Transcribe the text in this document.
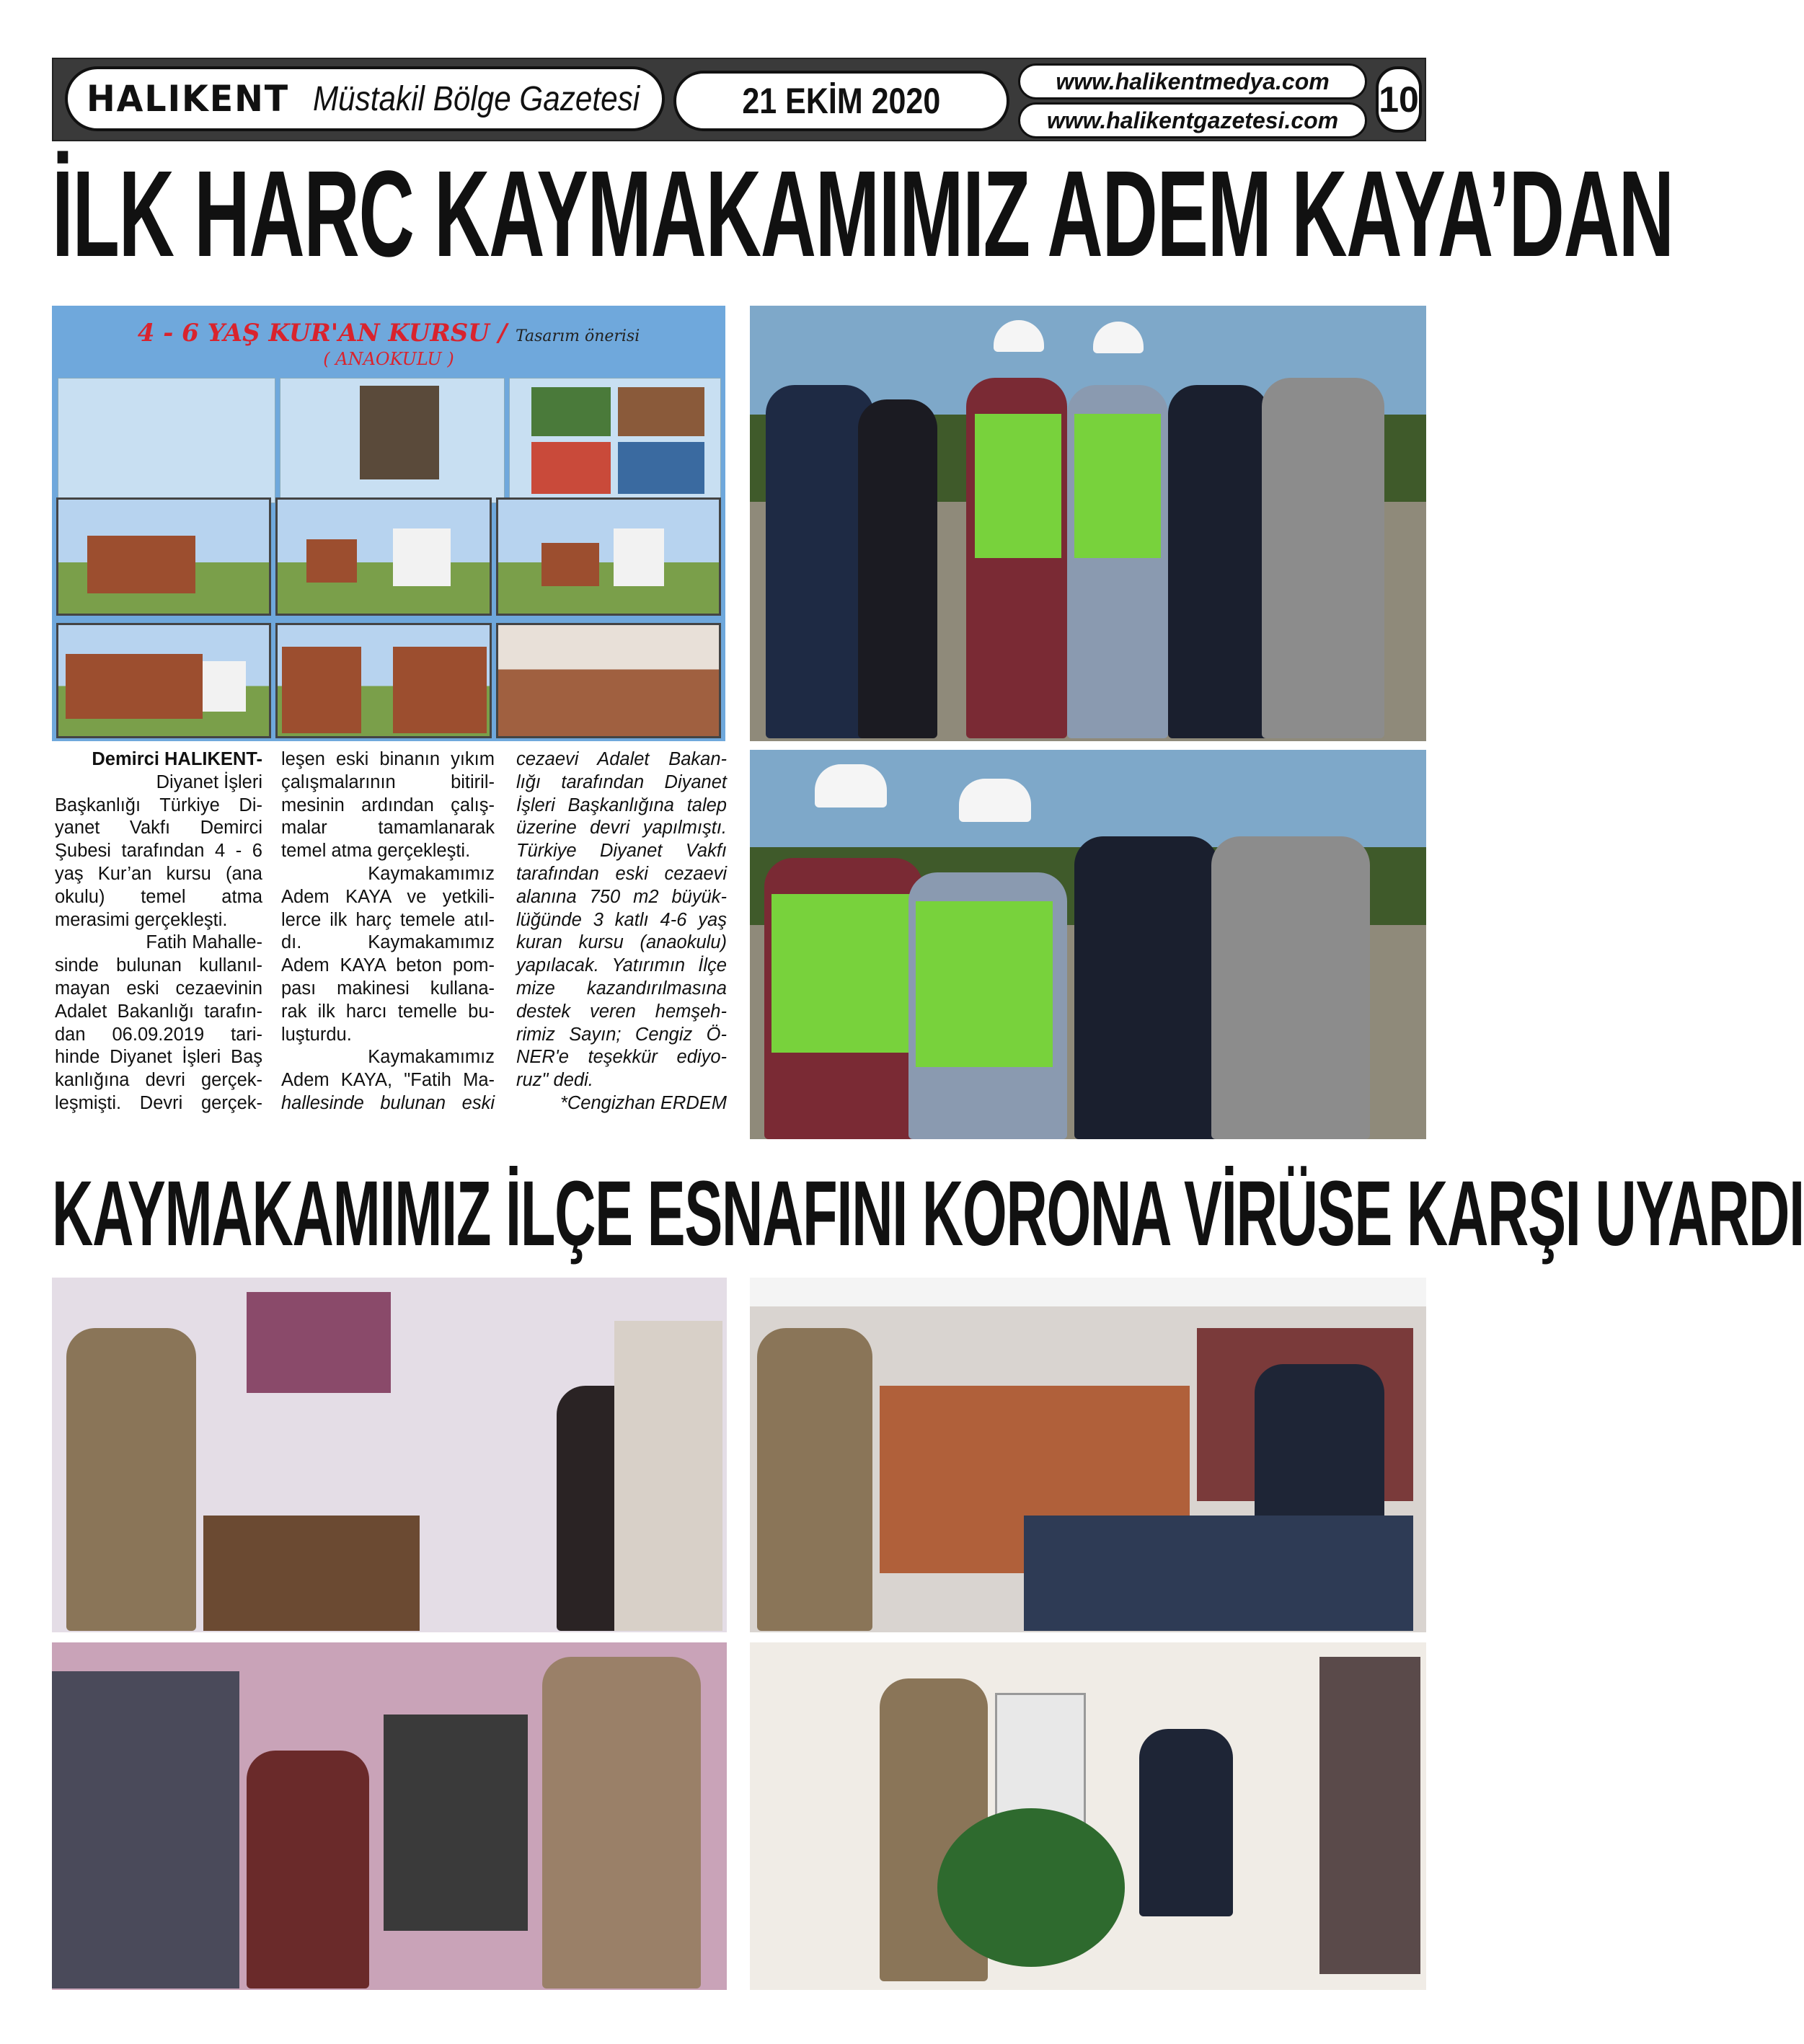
HALIKENT Müstakil Bölge Gazetesi	21 EKİM 2020	www.halikentmedya.com
www.halikentgazetesi.com
10
İLK HARC KAYMAKAMIMIZ ADEM KAYA’DAN
4 - 6 YAŞ KUR'AN KURSU / Tasarım önerisi
( ANAOKULU )
Demirci HALIKENT-
Diyanet İşleri
Başkanlığı Türkiye Di-
yanet Vakfı Demirci
Şubesi tarafından 4 - 6
yaş Kur’an kursu (ana
okulu) temel atma
merasimi gerçekleşti.
Fatih Mahalle-
sinde bulunan kullanıl-
mayan eski cezaevinin
Adalet Bakanlığı tarafın-
dan 06.09.2019 tari-
hinde Diyanet İşleri Baş
kanlığına devri gerçek-
leşmişti. Devri gerçek-
leşen eski binanın yıkım
çalışmalarının bitiril-
mesinin ardından çalış-
malar tamamlanarak
temel atma gerçekleşti.
Kaymakamımız
Adem KAYA ve yetkili-
lerce ilk harç temele atıl-
dı. Kaymakamımız
Adem KAYA beton pom-
pası makinesi kullana-
rak ilk harcı temelle bu-
luşturdu.
Kaymakamımız
Adem KAYA, "Fatih Ma-
hallesinde bulunan eski
cezaevi Adalet Bakan-
lığı tarafından Diyanet
İşleri Başkanlığına talep
üzerine devri yapılmıştı.
Türkiye Diyanet Vakfı
tarafından eski cezaevi
alanına 750 m2 büyük-
lüğünde 3 katlı 4-6 yaş
kuran kursu (anaokulu)
yapılacak. Yatırımın İlçe
mize kazandırılmasına
destek veren hemşeh-
rimiz Sayın; Cengiz Ö-
NER'e teşekkür ediyo-
ruz" dedi.
*Cengizhan ERDEM
KAYMAKAMIMIZ İLÇE ESNAFINI KORONA VİRÜSE KARŞI UYARDI
